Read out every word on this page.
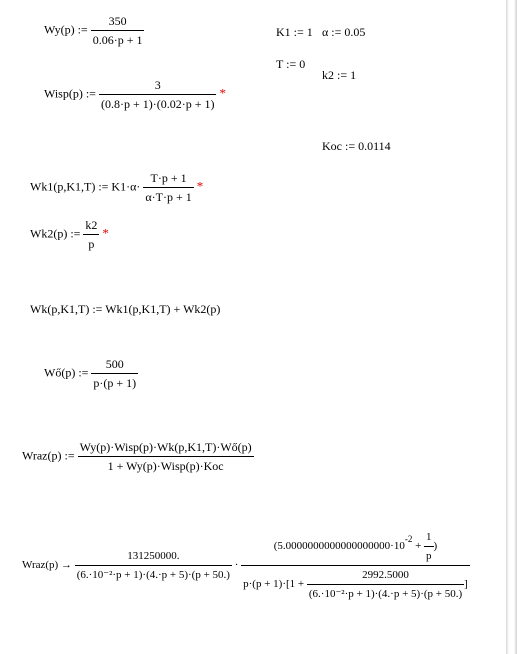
Wy(p) := $\frac{350}{0.06\cdot p + 1}$	K1 := 1 α := 0.05
T := 0
k2 := 1
Koc := 0.0114
Wisp(p) := $\frac{3}{(0.8\cdot p + 1)\cdot(0.02\cdot p + 1)}$ *
Wk1(p,K1,T) := $K1\cdot\alpha\cdot \frac{T\cdot p + 1}{\alpha\cdot T\cdot p + 1}$ *
Wk2(p) := $\frac{k2}{p}$ *
Wk(p,K1,T) := Wk1(p,K1,T) + Wk2(p)
Wő(p) := $\frac{500}{p\cdot(p + 1)}$
Wraz(p) := $\frac{\text{Wy(p)·Wisp(p)·Wk(p,K1,T)·Wő(p)}}{\text{1 + Wy(p)·Wisp(p)·Koc}}$
Wraz(p) → $\frac{131250000.}{\text{(6.·10⁻²·p + 1)·(4.·p + 5)·(p + 50.)}}$ ·
($5.0000000000000000000\cdot 10^{-2} + \frac{1}{p}$ )
$p\cdot(p + 1)\cdot[1 + \frac{2992.5000}{\text{(6.·10⁻²·p + 1)·(4.·p + 5)·(p + 50.)}}$ ]
